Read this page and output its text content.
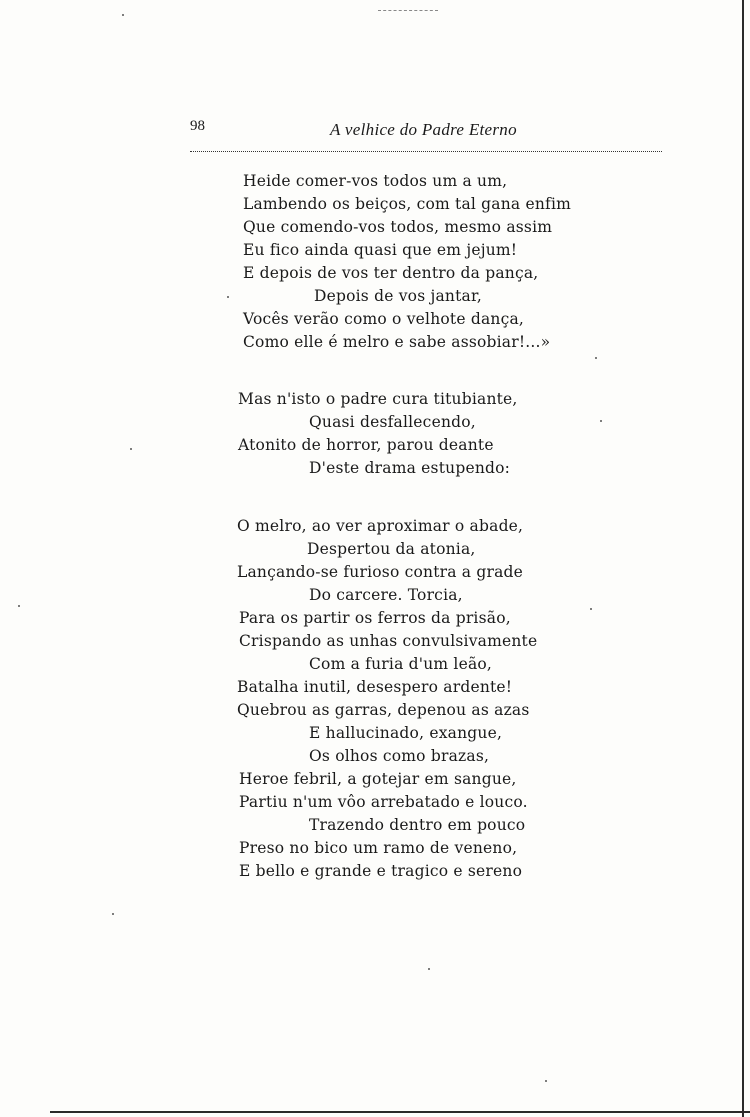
98	A velhice do Padre Eterno
Heide comer-vos todos um a um,
Lambendo os beiços, com tal gana enfim
Que comendo-vos todos, mesmo assim
Eu fico ainda quasi que em jejum!
E depois de vos ter dentro da pança,
Depois de vos jantar,
Vocês verão como o velhote dança,
Como elle é melro e sabe assobiar!...»
Mas n'isto o padre cura titubiante,
Quasi desfallecendo,
Atonito de horror, parou deante
D'este drama estupendo:
O melro, ao ver aproximar o abade,
Despertou da atonia,
Lançando-se furioso contra a grade
Do carcere. Torcia,
Para os partir os ferros da prisão,
Crispando as unhas convulsivamente
Com a furia d'um leão,
Batalha inutil, desespero ardente!
Quebrou as garras, depenou as azas
E hallucinado, exangue,
Os olhos como brazas,
Heroe febril, a gotejar em sangue,
Partiu n'um vôo arrebatado e louco.
Trazendo dentro em pouco
Preso no bico um ramo de veneno,
E bello e grande e tragico e sereno
